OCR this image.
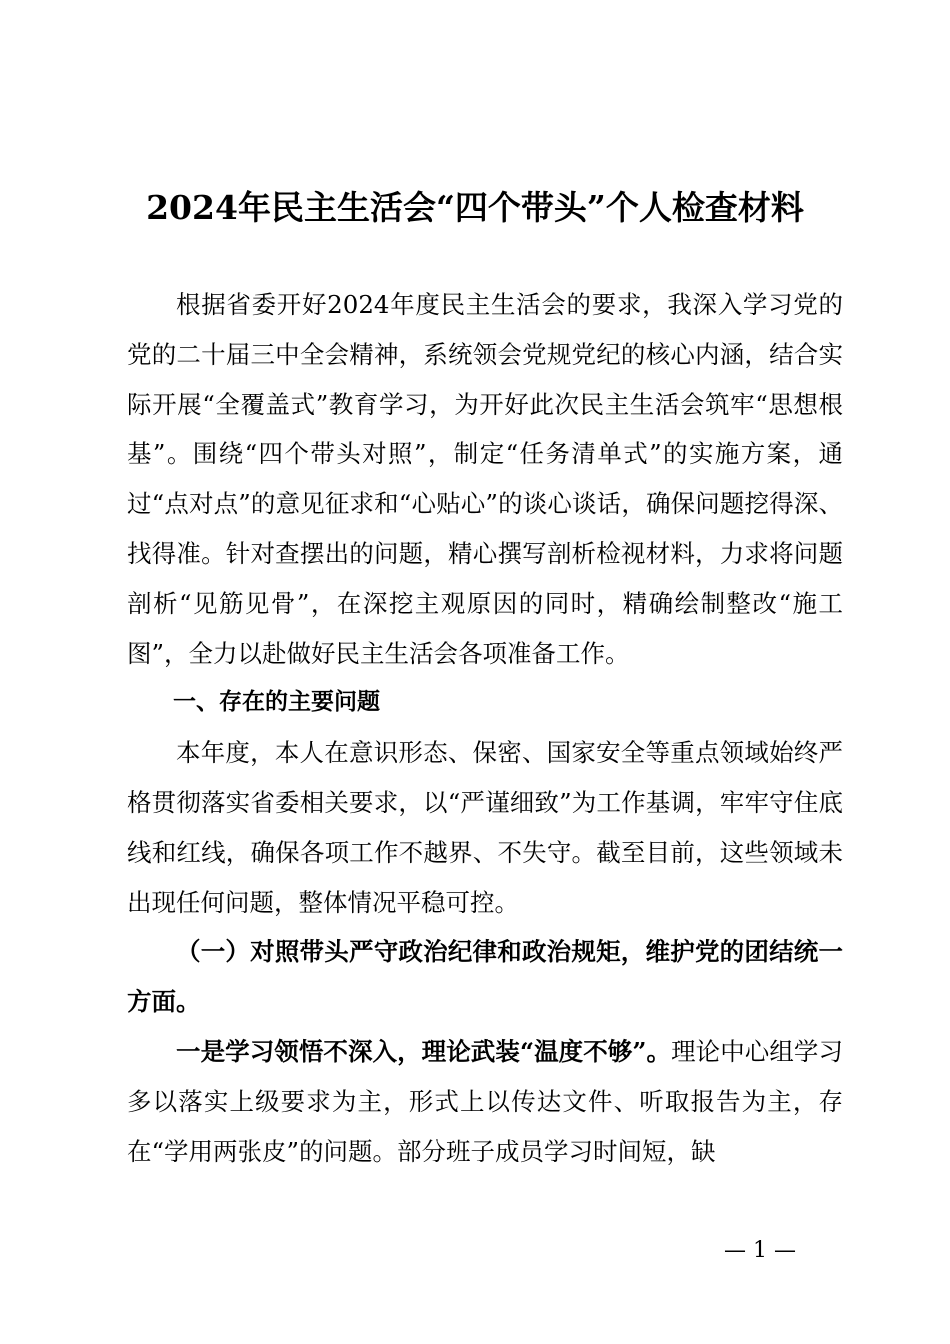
2024年民主生活会“四个带头”个人检查材料

根据省委开好2024年度民主生活会的要求，我深入学习党的党的二十届三中全会精神，系统领会党规党纪的核心内涵，结合实际开展“全覆盖式”教育学习，为开好此次民主生活会筑牢“思想根基”。围绕“四个带头对照”，制定“任务清单式”的实施方案，通过“点对点”的意见征求和“心贴心”的谈心谈话，确保问题挖得深、找得准。针对查摆出的问题，精心撰写剖析检视材料，力求将问题剖析“见筋见骨”，在深挖主观原因的同时，精确绘制整改“施工图”，全力以赴做好民主生活会各项准备工作。

一、存在的主要问题

本年度，本人在意识形态、保密、国家安全等重点领域始终严格贯彻落实省委相关要求，以“严谨细致”为工作基调，牢牢守住底线和红线，确保各项工作不越界、不失守。截至目前，这些领域未出现任何问题，整体情况平稳可控。

（一）对照带头严守政治纪律和政治规矩，维护党的团结统一方面。

一是学习领悟不深入，理论武装“温度不够”。理论中心组学习多以落实上级要求为主，形式上以传达文件、听取报告为主，存在“学用两张皮”的问题。部分班子成员学习时间短，缺

— 1 —
